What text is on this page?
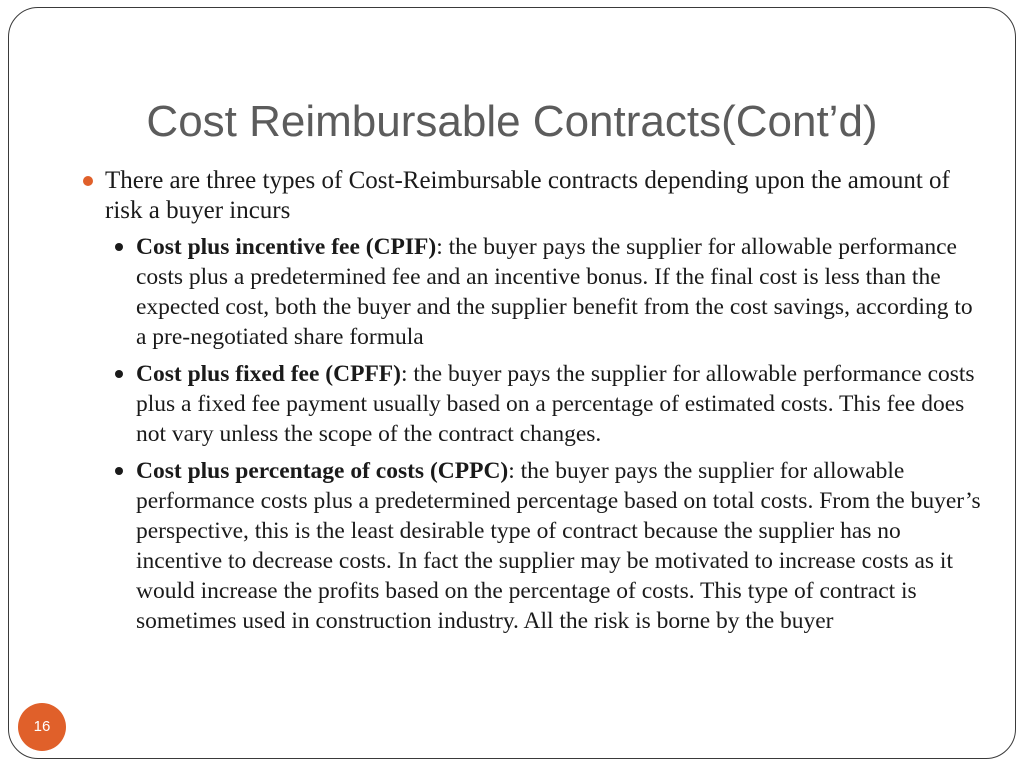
Cost Reimbursable Contracts(Cont’d)
There are three types of Cost-Reimbursable contracts depending upon the amount of risk a buyer incurs
Cost plus incentive fee (CPIF): the buyer pays the supplier for allowable performance costs plus a predetermined fee and an incentive bonus. If the final cost is less than the expected cost, both the buyer and the supplier benefit from the cost savings, according to a pre-negotiated share formula
Cost plus fixed fee (CPFF): the buyer pays the supplier for allowable performance costs plus a fixed fee payment usually based on a percentage of estimated costs. This fee does not vary unless the scope of the contract changes.
Cost plus percentage of costs (CPPC): the buyer pays the supplier for allowable performance costs plus a predetermined percentage based on total costs. From the buyer’s perspective, this is the least desirable type of contract because the supplier has no incentive to decrease costs. In fact the supplier may be motivated to increase costs as it would increase the profits based on the percentage of costs. This type of contract is sometimes used in construction industry. All the risk is borne by the buyer
16
